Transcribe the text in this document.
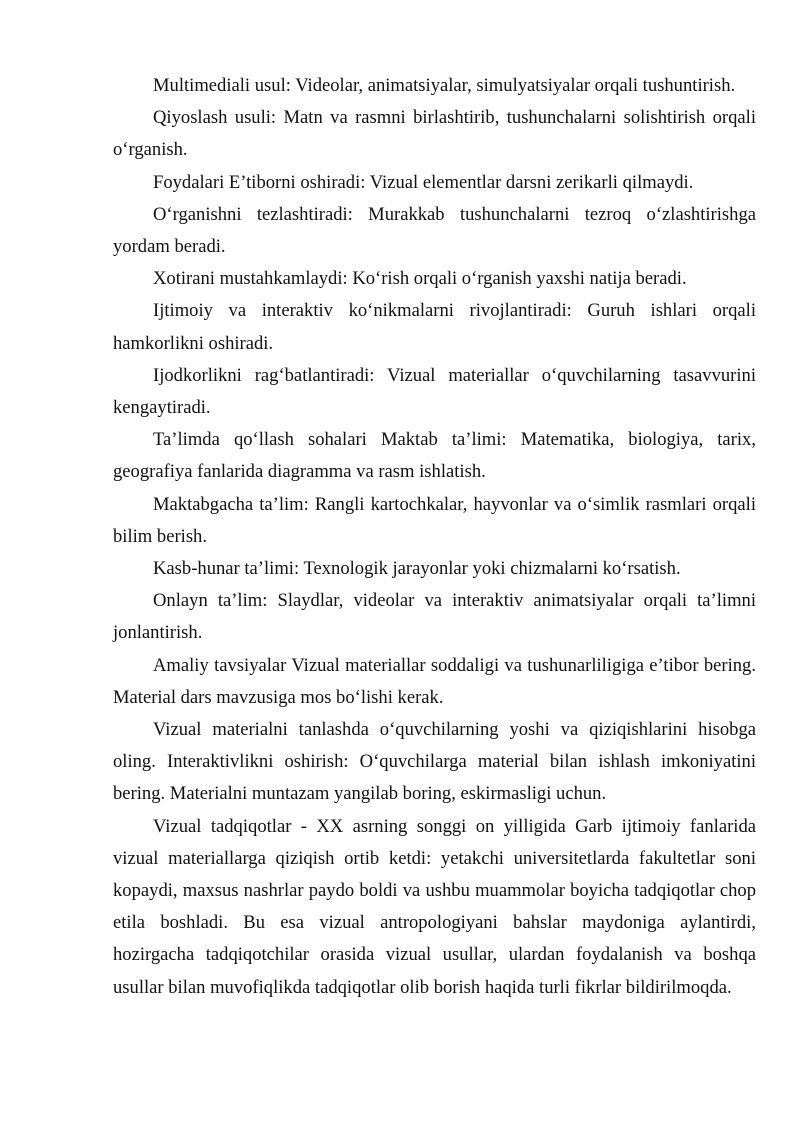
Multimediali usul: Videolar, animatsiyalar, simulyatsiyalar orqali tushuntirish.

Qiyoslash usuli: Matn va rasmni birlashtirib, tushunchalarni solishtirish orqali o‘rganish.

Foydalari E’tiborni oshiradi: Vizual elementlar darsni zerikarli qilmaydi.

O‘rganishni tezlashtiradi: Murakkab tushunchalarni tezroq o‘zlashtirishga yordam beradi.

Xotirani mustahkamlaydi: Ko‘rish orqali o‘rganish yaxshi natija beradi.

Ijtimoiy va interaktiv ko‘nikmalarni rivojlantiradi: Guruh ishlari orqali hamkorlikni oshiradi.

Ijodkorlikni rag‘batlantiradi: Vizual materiallar o‘quvchilarning tasavvurini kengaytiradi.

Ta’limda qo‘llash sohalari Maktab ta’limi: Matematika, biologiya, tarix, geografiya fanlarida diagramma va rasm ishlatish.

Maktabgacha ta’lim: Rangli kartochkalar, hayvonlar va o‘simlik rasmlari orqali bilim berish.

Kasb-hunar ta’limi: Texnologik jarayonlar yoki chizmalarni ko‘rsatish.

Onlayn ta’lim: Slaydlar, videolar va interaktiv animatsiyalar orqali ta’limni jonlantirish.

Amaliy tavsiyalar Vizual materiallar soddaligi va tushunarliligiga e’tibor bering. Material dars mavzusiga mos bo‘lishi kerak.

Vizual materialni tanlashda o‘quvchilarning yoshi va qiziqishlarini hisobga oling. Interaktivlikni oshirish: O‘quvchilarga material bilan ishlash imkoniyatini bering. Materialni muntazam yangilab boring, eskirmasligi uchun.

Vizual tadqiqotlar - XX asrning songgi on yilligida Garb ijtimoiy fanlarida vizual materiallarga qiziqish ortib ketdi: yetakchi universitetlarda fakultetlar soni kopaydi, maxsus nashrlar paydo boldi va ushbu muammolar boyicha tadqiqotlar chop etila boshladi. Bu esa vizual antropologiyani bahslar maydoniga aylantirdi, hozirgacha tadqiqotchilar orasida vizual usullar, ulardan foydalanish va boshqa usullar bilan muvofiqlikda tadqiqotlar olib borish haqida turli fikrlar bildirilmoqda.
